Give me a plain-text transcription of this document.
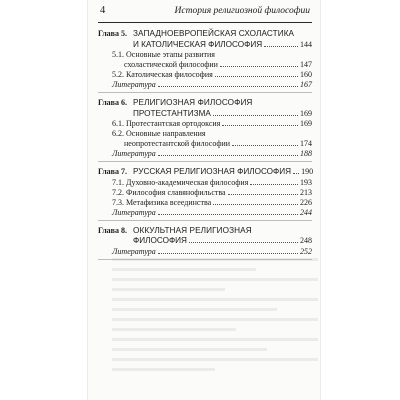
4	История религиозной философии
Глава 5. ЗАПАДНОЕВРОПЕЙСКАЯ СХОЛАСТИКА
И КАТОЛИЧЕСКАЯ ФИЛОСОФИЯ	144
5.1. Основные этапы развития
схоластической философии	147
5.2. Католическая философия	160
Литература	167
Глава 6. РЕЛИГИОЗНАЯ ФИЛОСОФИЯ
ПРОТЕСТАНТИЗМА	169
6.1. Протестантская ортодоксия	169
6.2. Основные направления
неопротестантской философии	174
Литература	188
Глава 7. РУССКАЯ РЕЛИГИОЗНАЯ ФИЛОСОФИЯ 190
7.1. Духовно-академическая философия	193
7.2. Философия славянофильства	213
7.3. Метафизика всеединства	226
Литература	244
Глава 8. ОККУЛЬТНАЯ РЕЛИГИОЗНАЯ
ФИЛОСОФИЯ	248
Литература	252
